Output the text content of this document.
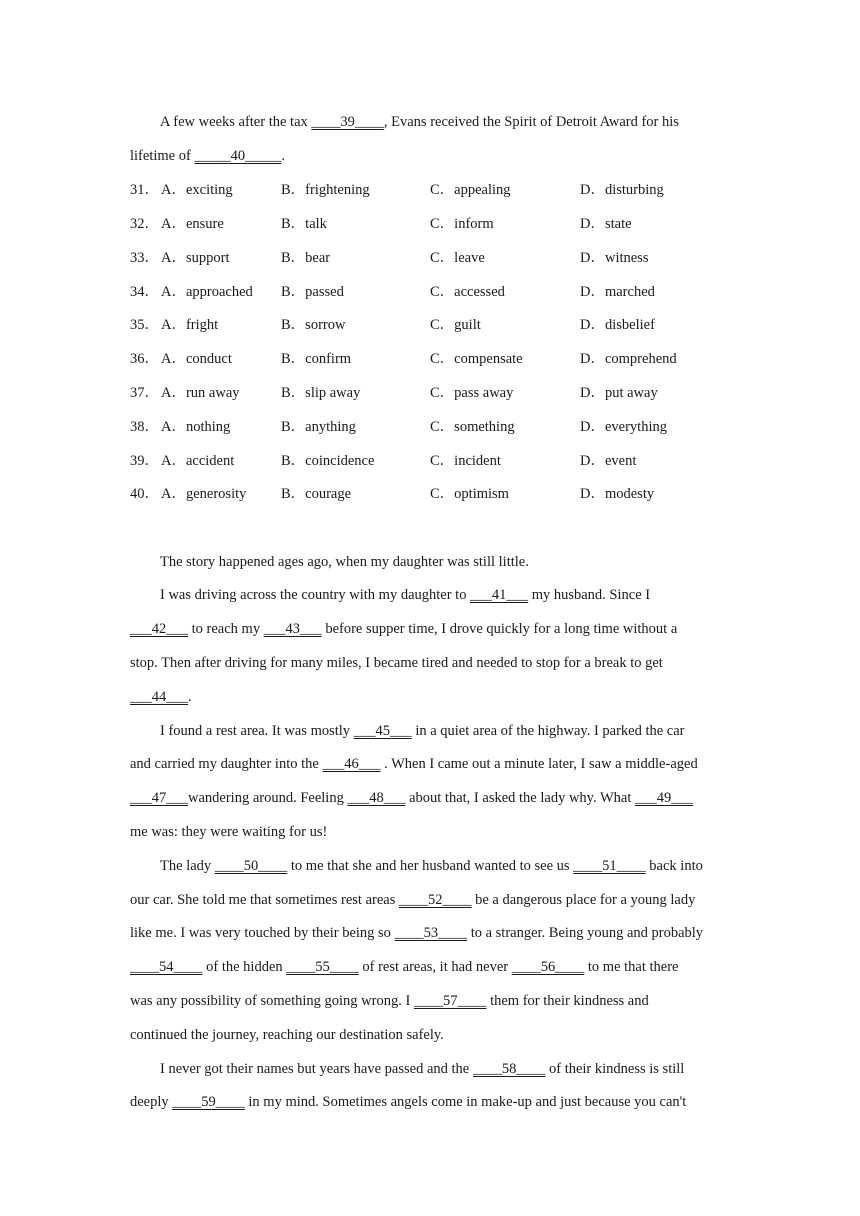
A few weeks after the tax ____39____, Evans received the Spirit of Detroit Award for his
lifetime of _____40_____.
31． A．exciting	B．frightening	C．appealing	D．disturbing
32． A．ensure	B．talk	C．inform	D．state
33． A．support	B．bear	C．leave	D．witness
34． A．approached B．passed	C．accessed	D．marched
35． A．fright	B．sorrow	C．guilt	D．disbelief
36． A．conduct	B．confirm	C．compensate	D．comprehend
37． A．run away	B．slip away	C．pass away	D．put away
38． A．nothing	B．anything	C．something	D．everything
39． A．accident	B．coincidence	C．incident	D．event
40． A．generosity B．courage	C．optimism	D．modesty
The story happened ages ago, when my daughter was still little.
I was driving across the country with my daughter to ___41___ my husband. Since I
___42___ to reach my ___43___ before supper time, I drove quickly for a long time without a
stop. Then after driving for many miles, I became tired and needed to stop for a break to get
___44___.
I found a rest area. It was mostly ___45___ in a quiet area of the highway. I parked the car
and carried my daughter into the ___46___ . When I came out a minute later, I saw a middle-aged
___47___wandering around. Feeling ___48___ about that, I asked the lady why. What ___49___
me was: they were waiting for us!
The lady ____50____ to me that she and her husband wanted to see us ____51____ back into
our car. She told me that sometimes rest areas ____52____ be a dangerous place for a young lady
like me. I was very touched by their being so ____53____ to a stranger. Being young and probably
____54____ of the hidden ____55____ of rest areas, it had never ____56____ to me that there
was any possibility of something going wrong. I ____57____ them for their kindness and
continued the journey, reaching our destination safely.
I never got their names but years have passed and the ____58____ of their kindness is still
deeply ____59____ in my mind. Sometimes angels come in make-up and just because you can't
